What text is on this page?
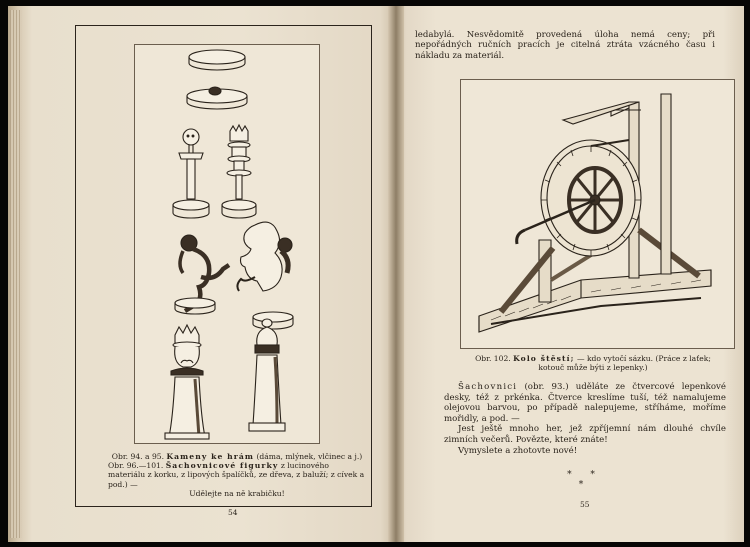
Obr. 94. a 95. Kameny ke hrám (dáma, mlýnek, vlčinec a j.)
Obr. 96.—101. Šachovnicové figurky z lucinového materiálu z korku, z lipových špalíčků, ze dřeva, z baluží; z cívek a pod.) —
Udělejte na ně krabičku!
54
ledabylá. Nesvědomitě provedená úloha nemá ceny; při nepořádných ručních pracích je citelná ztráta vzácného času i nákladu za materiál.
Obr. 102. Kolo štěstí; — kdo vytočí sázku. (Práce z laťek; kotouč může býti z lepenky.)

Šachovnici (obr. 93.) uděláte ze čtvercové lepenkové desky, též z prkénka. Čtverce kreslíme tuší, též namalujeme olejovou barvou, po případě nalepujeme, stříháme, moříme mořidly, a pod. —

Jest ještě mnoho her, jež zpříjemní nám dlouhé chvíle zimních večerů. Povězte, které znáte!

Vymyslete a zhotovte nové!

* * *
55
